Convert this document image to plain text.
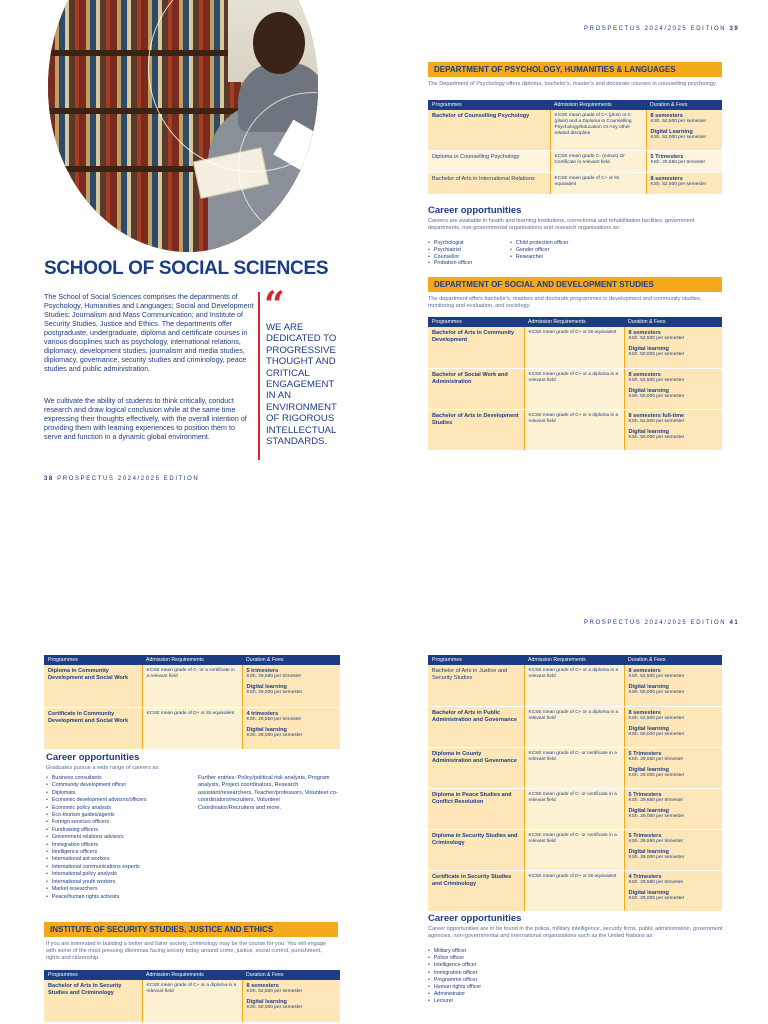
SCHOOL OF SOCIAL SCIENCES

The School of Social Sciences comprises the departments of Psychology, Humanities and Languages; Social and Development Studies; Journalism and Mass Communication; and Institute of Security Studies, Justice and Ethics. The departments offer postgraduate, undergraduate, diploma and certificate courses in various disciplines such as psychology, international relations, diplomacy, development studies, journalism and media studies, diplomacy, governance, security studies and criminology, peace studies and public administration.

We cultivate the ability of students to think critically, conduct research and draw logical conclusion while at the same time expressing their thoughts effectively, with the overall intention of providing them with learning experiences to position them to serve and function in a dynamic global environment.

“
WE ARE DEDICATED TO PROGRESSIVE THOUGHT AND CRITICAL ENGAGEMENT IN AN ENVIRONMENT OF RIGOROUS INTELLECTUAL STANDARDS.
38 PROSPECTUS 2024/2025 EDITION
PROSPECTUS 2024/2025 EDITION 39
DEPARTMENT OF PSYCHOLOGY, HUMANITIES & LANGUAGES

The Department of Psychology offers diploma, bachelor's, master's and doctorate courses in counselling psychology.

Programmes	Admission Requirements	Duration & Fees
Bachelor of Counselling Psychology	KCSE mean grade of C+ (plus) or C (plain) and a Diploma in Counselling Psychology/Education Or Any other related discipline	8 semesters
KSh. 52,500 per semester
Digital Learning
KSh. 52,000 per semester
Diploma in Counselling Psychology	KCSE mean grade C- (minus) Or Certificate in relevant field	5 Trimesters
KSh. 29,550 per trimester
Bachelor of Arts in International Relations	KCSE mean grade of C+ or its equivalent	8 semesters
KSh. 52,500 per semester
Career opportunities

Careers are available in health and learning institutions, correctional and rehabilitation facilities, government departments, non-governmental organisations and research organisations as:

• Psychologist
• Psychiatrist
• Counsellor
• Probation officer
• Child protection officer
• Gender officer
• Researcher
DEPARTMENT OF SOCIAL AND DEVELOPMENT STUDIES

The department offers bachelor's, masters and doctorate programmes in development and community studies, monitoring and evaluation, and sociology.

Programmes	Admission Requirements	Duration & Fees
Bachelor of Arts in Community Development	KCSE mean grade of C+ or its equivalent	8 semesters
KSh. 52,500 per semester
Digital learning
KSh. 50,000 per semester
Bachelor of Social Work and Administration	KCSE mean grade of C+ or a diploma in a relevant field	8 semesters
KSh. 52,500 per semester
Digital learning
KSh. 50,000 per semester
Bachelor of Arts in Development Studies	KCSE mean grade of C+ or a diploma in a relevant field	8 semesters full-time
KSh. 52,500 per semester
Digital learning
KSh. 50,000 per semester
Programmes	Admission Requirements	Duration & Fees
Diploma in Community Development and Social Work	KCSE mean grade of C- or a certificate in a relevant field	5 trimesters
KSh. 29,550 per trimester
Digital learning
KSh. 29,000 per semester
Certificate in Community Development and Social Work	KCSE mean grade of D+ or its equivalent	4 trimesters
KSh. 29,550 per trimester
Digital learning
KSh. 29,000 per semester
Career opportunities

Graduates pursue a wide range of careers as:

• Business consultants
• Community development officer
• Diplomats
• Economic development advisors/officers
• Economic policy analysts
• Eco-tourism guides/agents
• Foreign services officers
• Fundraising officers
• Government relations advisors
• Immigration officers
• Intelligence officers
• International aid workers
• International communications experts
• International policy analysts
• International youth workers
• Market researchers
• Peace/human rights activists

Further entries: Policy/political risk analysts, Program analysts, Project coordinators, Research assistant/researchers, Teacher/professors, Volunteer co-coordinators/recruiters, Volunteer Coordinator/Recruiters and more.

INSTITUTE OF SECURITY STUDIES, JUSTICE AND ETHICS

If you are interested in building a better and fairer society, criminology may be the course for you. You will engage with some of the most pressing dilemmas facing society today around crime, justice, social control, punishment, rights and citizenship.

Programmes	Admission Requirements	Duration & Fees
Bachelor of Arts in Security Studies and Criminology	KCSE mean grade of C+ or a diploma in a relevant field	8 semesters
KSh. 52,500 per semester
Digital learning
KSh. 50,000 per semester
PROSPECTUS 2024/2025 EDITION 41
Programmes	Admission Requirements	Duration & Fees
Bachelor of Arts in Justice and Security Studies	KCSE mean grade of C+ or a diploma in a relevant field	8 semesters
KSh. 52,500 per semester
Digital learning
KSh. 50,000 per semester
Bachelor of Arts in Public Administration and Governance	KCSE mean grade of C+ or a diploma in a relevant field	8 semesters
KSh. 52,500 per semester
Digital learning
KSh. 50,000 per semester
Diploma in County Administration and Governance	KCSE mean grade of C- or certificate in a relevant field	5 Trimesters
KSh. 29,550 per trimester
Digital learning
KSh. 29,000 per semester
Diploma in Peace Studies and Conflict Resolution	KCSE mean grade of C- or certificate in a relevant field	5 Trimesters
KSh. 29,550 per trimester
Digital learning
KSh. 29,000 per semester
Diploma in Security Studies and Criminology	KCSE mean grade of C- or certificate in a relevant field	5 Trimesters
KSh. 29,550 per trimester
Digital learning
KSh. 29,000 per semester
Certificate in Security Studies and Criminology	KCSE mean grade of D+ or its equivalent	4 Trimesters
KSh. 29,550 per trimester
Digital learning
KSh. 29,000 per semester
Career opportunities

Career opportunities are to be found in the police, military intelligence, security firms, public administration, government agencies, non-governmental and international organisations such as the United Nations as:

• Military officer
• Police officer
• Intelligence officer
• Immigration officer
• Programme officer
• Human rights officer
• Administrator
• Lecturer
